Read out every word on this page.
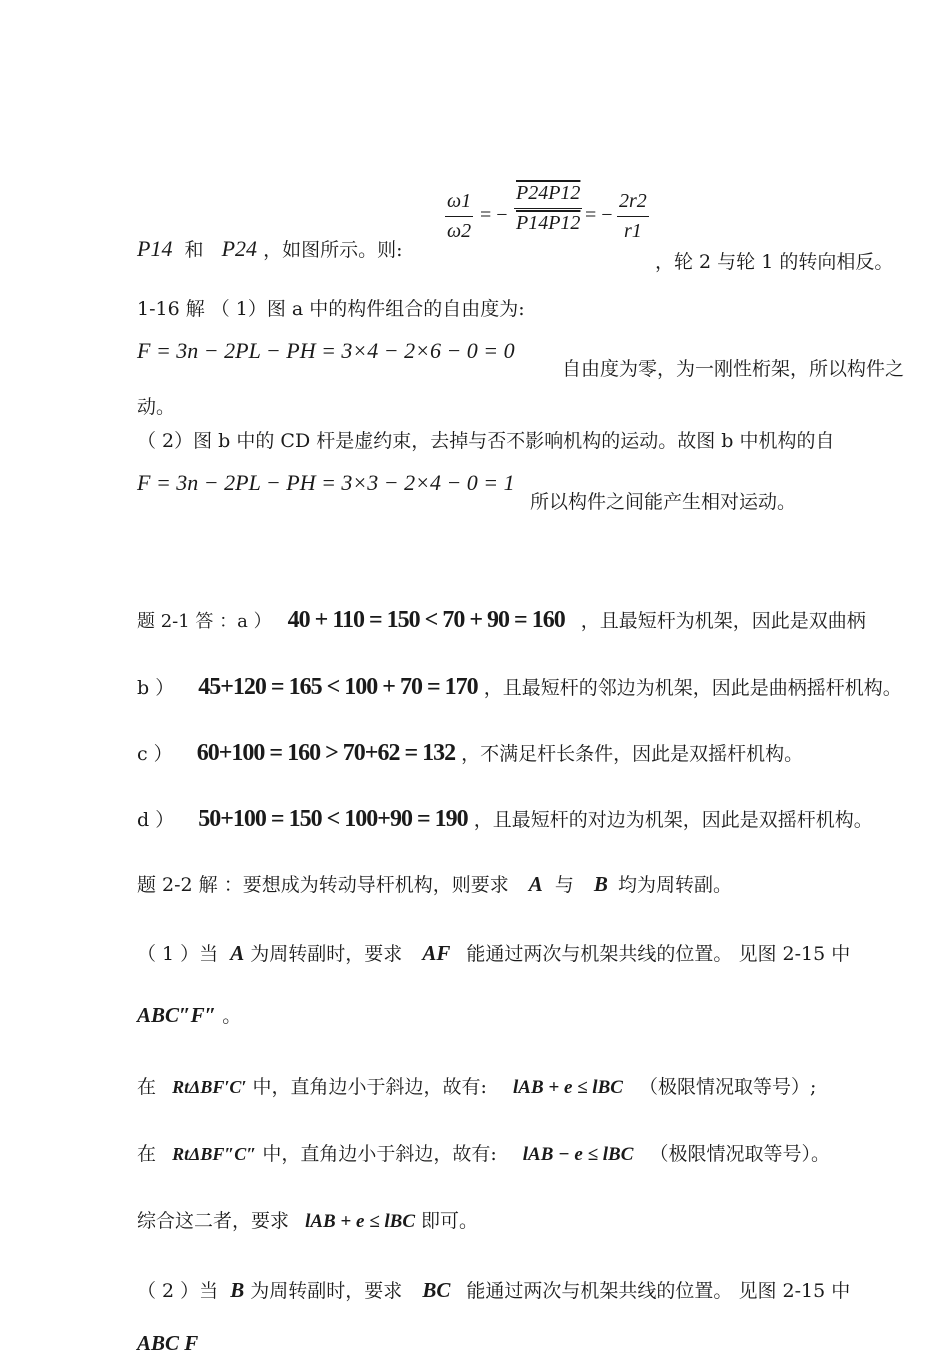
P14 和 P24 ，如图所示。则:
ω1
ω2
= − $\frac{P24P12}{P14P12}$ = −
2r2
r1
，轮 2 与轮 1 的转向相反。
1-16 解 （ 1）图 a 中的构件组合的自由度为:
F = 3n − 2PL − PH = 3×4 − 2×6 − 0 = 0
自由度为零，为一刚性桁架，所以构件之
动。
（ 2）图 b 中的 CD 杆是虚约束，去掉与否不影响机构的运动。故图 b 中机构的自
F = 3n − 2PL − PH = 3×3 − 2×4 − 0 = 1
所以构件之间能产生相对运动。
题 2-1 答 ：a ） 40 + 110 = 150 < 70 + 90 = 160 ，且最短杆为机架，因此是双曲柄
b ） 45+120 = 165 < 100 + 70 = 170 ，且最短杆的邻边为机架，因此是曲柄摇杆机构。
c ） 60+100 = 160 > 70+62 = 132 ，不满足杆长条件，因此是双摇杆机构。
d ） 50+100 = 150 < 100+90 = 190 ，且最短杆的对边为机架，因此是双摇杆机构。
题 2-2 解 ：要想成为转动导杆机构，则要求 A 与 B 均为周转副。
（ 1 ）当 A 为周转副时，要求 AF 能通过两次与机架共线的位置。 见图 2-15 中
ABC″F″ 。
在 RtΔBF′C′ 中，直角边小于斜边，故有: lAB + e ≤ lBC （极限情况取等号）;
在 RtΔBF″C″ 中，直角边小于斜边，故有: lAB − e ≤ lBC （极限情况取等号）。
综合这二者，要求 lAB + e ≤ lBC 即可。
（ 2 ）当 B 为周转副时，要求 BC 能通过两次与机架共线的位置。 见图 2-15 中
ABC F
